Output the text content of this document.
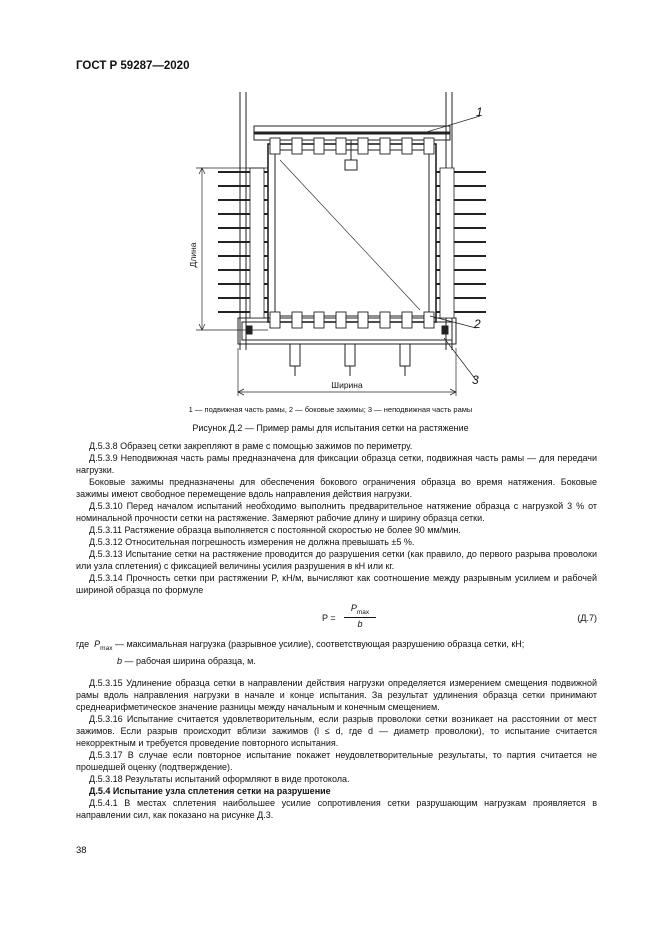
ГОСТ Р 59287—2020
Длина
Ширина
1
2
3
1 — подвижная часть рамы, 2 — боковые зажимы; 3 — неподвижная часть рамы
Рисунок Д.2 — Пример рамы для испытания сетки на растяжение

Д.5.3.8 Образец сетки закрепляют в раме с помощью зажимов по периметру.

Д.5.3.9 Неподвижная часть рамы предназначена для фиксации образца сетки, подвижная часть рамы — для передачи нагрузки.

Боковые зажимы предназначены для обеспечения бокового ограничения образца во время натяжения. Боковые зажимы имеют свободное перемещение вдоль направления действия нагрузки.

Д.5.3.10 Перед началом испытаний необходимо выполнить предварительное натяжение образца с нагрузкой 3 % от номинальной прочности сетки на растяжение. Замеряют рабочие длину и ширину образца сетки.

Д.5.3.11 Растяжение образца выполняется с постоянной скоростью не более 90 мм/мин.

Д.5.3.12 Относительная погрешность измерения не должна превышать ±5 %.

Д.5.3.13 Испытание сетки на растяжение проводится до разрушения сетки (как правило, до первого разрыва проволоки или узла сплетения) с фиксацией величины усилия разрушения в кН или кг.

Д.5.3.14 Прочность сетки при растяжении P, кН/м, вычисляют как соотношение между разрывным усилием и рабочей шириной образца по формуле

P =
$P_{max}$
b
(Д.7)
где $P_{max}$ — максимальная нагрузка (разрывное усилие), соответствующая разрушению образца сетки, кН;
b — рабочая ширина образца, м.

Д.5.3.15 Удлинение образца сетки в направлении действия нагрузки определяется измерением смещения подвижной рамы вдоль направления нагрузки в начале и конце испытания. За результат удлинения образца сетки принимают среднеарифметическое значение разницы между начальным и конечным смещением.

Д.5.3.16 Испытание считается удовлетворительным, если разрыв проволоки сетки возникает на расстоянии от мест зажимов. Если разрыв происходит вблизи зажимов (l ≤ d, где d — диаметр проволоки), то испытание считается некорректным и требуется проведение повторного испытания.

Д.5.3.17 В случае если повторное испытание покажет неудовлетворительные результаты, то партия считается не прошедшей оценку (подтверждение).

Д.5.3.18 Результаты испытаний оформляют в виде протокола.

Д.5.4 Испытание узла сплетения сетки на разрушение

Д.5.4.1 В местах сплетения наибольшее усилие сопротивления сетки разрушающим нагрузкам проявляется в направлении сил, как показано на рисунке Д.3.

38
